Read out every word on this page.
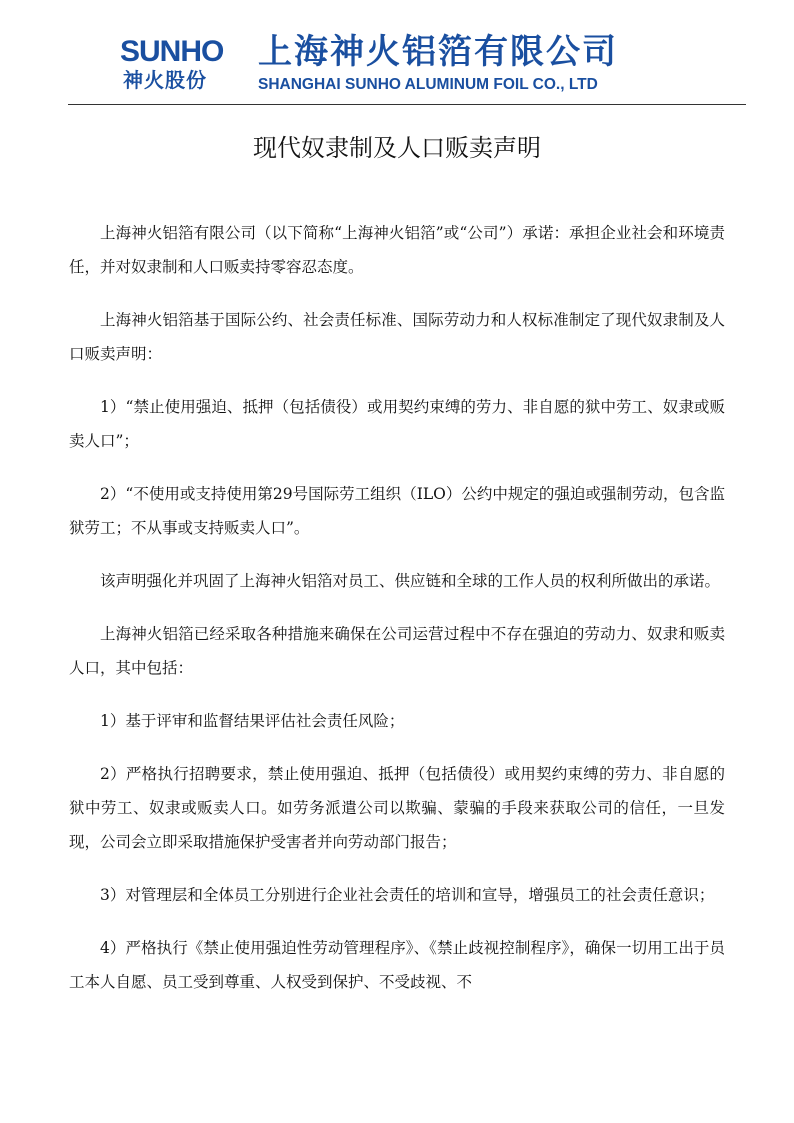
SUNHO
神火股份
上海神火铝箔有限公司
SHANGHAI SUNHO ALUMINUM FOIL CO., LTD
现代奴隶制及人口贩卖声明

上海神火铝箔有限公司（以下简称“上海神火铝箔”或“公司”）承诺：承担企业社会和环境责任，并对奴隶制和人口贩卖持零容忍态度。

上海神火铝箔基于国际公约、社会责任标准、国际劳动力和人权标准制定了现代奴隶制及人口贩卖声明：

1）“禁止使用强迫、抵押（包括债役）或用契约束缚的劳力、非自愿的狱中劳工、奴隶或贩卖人口”；

2）“不使用或支持使用第29号国际劳工组织（ILO）公约中规定的强迫或强制劳动，包含监狱劳工；不从事或支持贩卖人口”。

该声明强化并巩固了上海神火铝箔对员工、供应链和全球的工作人员的权利所做出的承诺。

上海神火铝箔已经采取各种措施来确保在公司运营过程中不存在强迫的劳动力、奴隶和贩卖人口，其中包括：

1）基于评审和监督结果评估社会责任风险；

2）严格执行招聘要求，禁止使用强迫、抵押（包括债役）或用契约束缚的劳力、非自愿的狱中劳工、奴隶或贩卖人口。如劳务派遣公司以欺骗、蒙骗的手段来获取公司的信任，一旦发现，公司会立即采取措施保护受害者并向劳动部门报告；

3）对管理层和全体员工分别进行企业社会责任的培训和宣导，增强员工的社会责任意识；

4）严格执行《禁止使用强迫性劳动管理程序》、《禁止歧视控制程序》，确保一切用工出于员工本人自愿、员工受到尊重、人权受到保护、不受歧视、不
